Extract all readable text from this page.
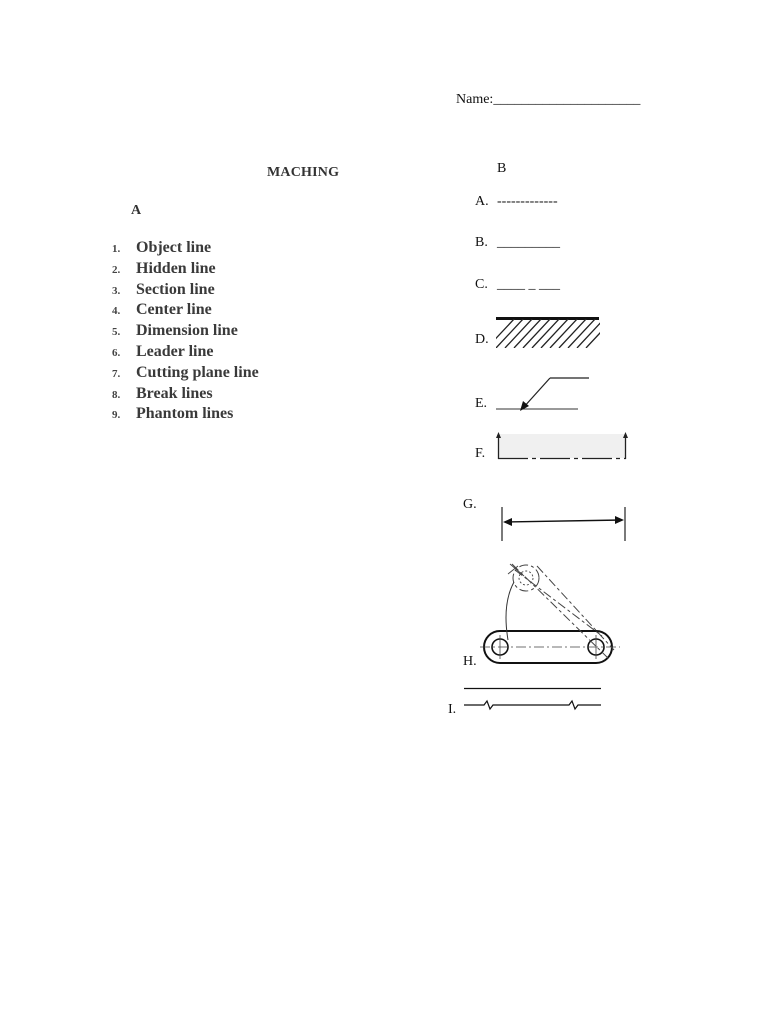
Name:_____________________
MACHING
A
1. Object line
2. Hidden line
3. Section line
4. Center line
5. Dimension line
6. Leader line
7. Cutting plane line
8. Break lines
9. Phantom lines
B
A. -------------
B. _________
C. ____ _ ___
D.
E.
F.
G.
H.
I.
